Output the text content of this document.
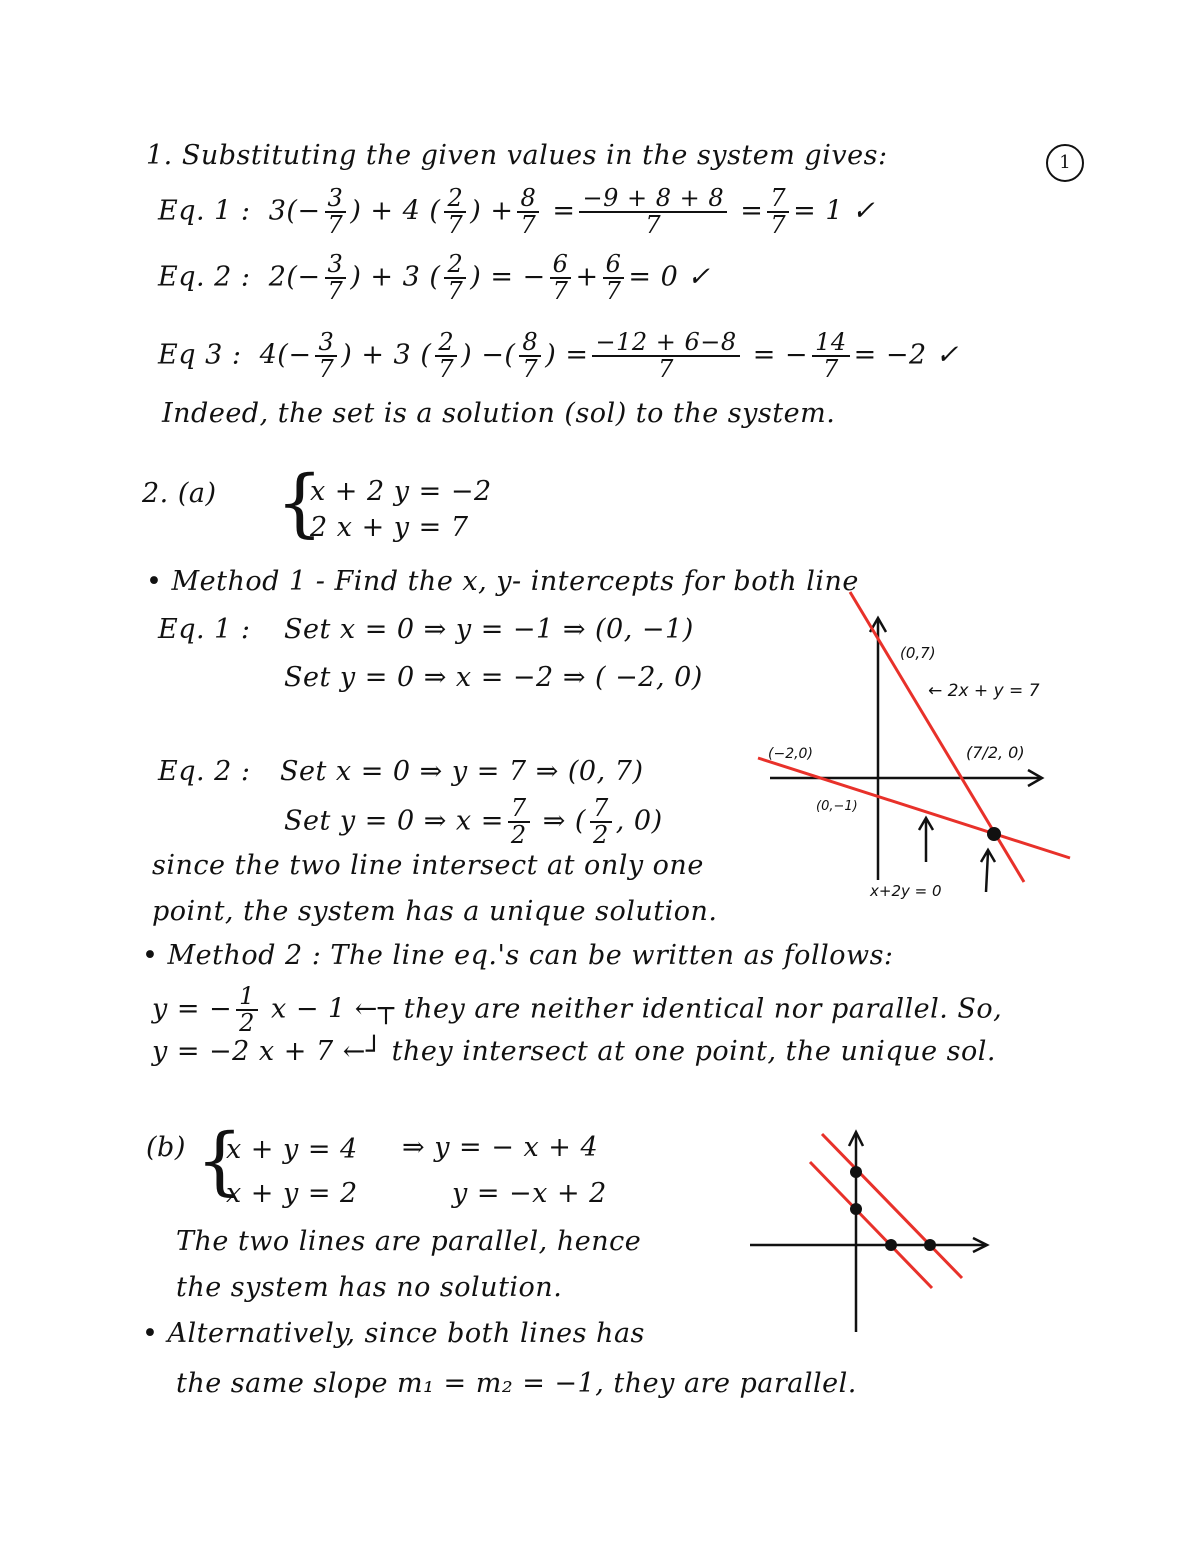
1
1. Substituting the given values in the system gives:
Eq. 1 : $3(- \frac{3}{7}$ ) + 4 ( $\frac{2}{7}$ ) + $\frac{8}{7} = \frac{-9 + 8 + 8}{7} = \frac{7}{7} = 1$ ✓
Eq. 2 : $2(- \frac{3}{7}$ ) + 3 ( $\frac{2}{7}$ ) = − $\frac{6}{7} + \frac{6}{7} = 0$ ✓
Eq 3 : $4(- \frac{3}{7}$ ) + 3 ( $\frac{2}{7}$ ) −( $\frac{8}{7}$ ) = $\frac{-12 + 6-8}{7}$ = − $\frac{14}{7} = -2$ ✓
Indeed, the set is a solution (sol) to the system.
2. (a) {
x + 2 y = −2
2 x + y = 7
• Method 1 - Find the x, y- intercepts for both line
Eq. 1 : Set x = 0 ⇒ y = −1 ⇒ (0, −1)
Set y = 0 ⇒ x = −2 ⇒ ( −2, 0)
Eq. 2 : Set x = 0 ⇒ y = 7 ⇒ (0, 7)
Set y = 0 ⇒ $x = \frac{7}{2}$ ⇒ ( $\frac{7}{2}$ , 0)
since the two line intersect at only one
point, the system has a unique solution.
• Method 2 : The line eq.'s can be written as follows:
y = − $\frac{1}{2}$ x − 1 ←┬ they are neither identical nor parallel. So,
y = −2 x + 7 ←┘ they intersect at one point, the unique sol.
(0,7)
← 2x + y = 7
(−2,0)	(7/2, 0)
(0,−1)
x+2y = 0
(b) {
x + y = 4
x + y = 2
⇒ y = − x + 4
y = −x + 2
The two lines are parallel, hence
the system has no solution.
• Alternatively, since both lines has
the same slope m₁ = m₂ = −1, they are parallel.
